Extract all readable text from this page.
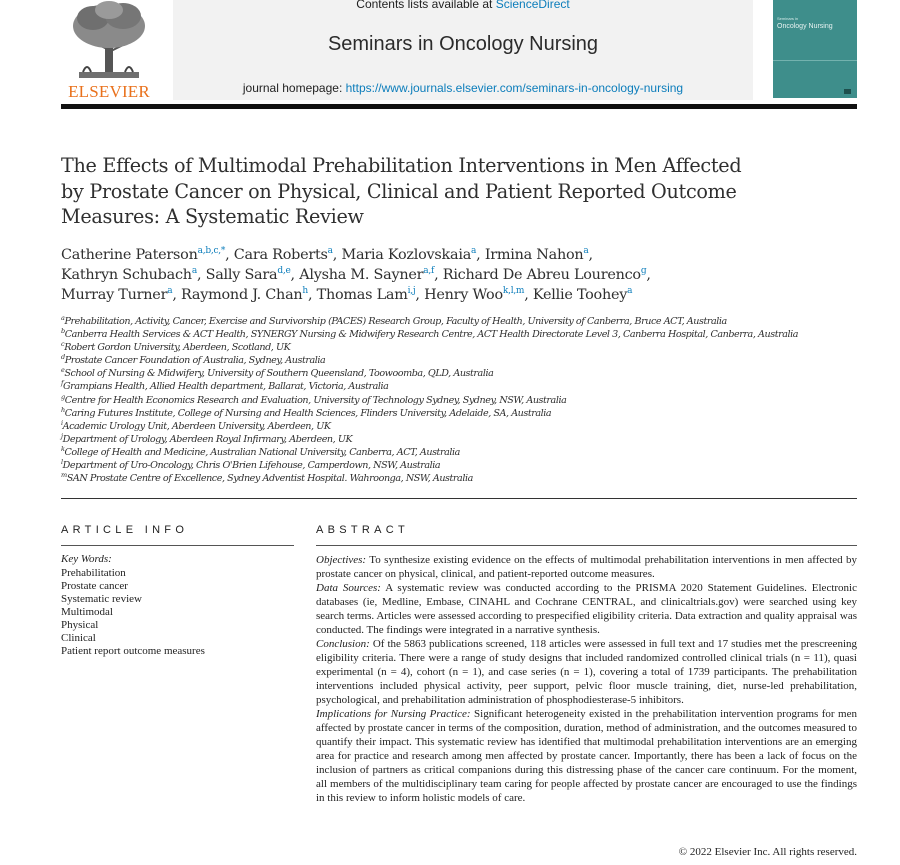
ELSEVIER
Contents lists available at ScienceDirect
Seminars in Oncology Nursing
journal homepage: https://www.journals.elsevier.com/seminars-in-oncology-nursing
Seminars in
Oncology Nursing
The Effects of Multimodal Prehabilitation Interventions in Men Affected by Prostate Cancer on Physical, Clinical and Patient Reported Outcome Measures: A Systematic Review
Catherine Paterson$^{a,b,c,*}$, Cara Roberts$^a$, Maria Kozlovskaia$^a$, Irmina Nahon$^a$,
Kathryn Schubach$^a$, Sally Sara$^{d,e}$, Alysha M. Sayner$^{a,f}$, Richard De Abreu Lourenco$^g$,
Murray Turner$^a$, Raymond J. Chan$^h$, Thomas Lam$^{i,j}$, Henry Woo$^{k,l,m}$, Kellie Toohey$^a$
$^a$Prehabilitation, Activity, Cancer, Exercise and Survivorship (PACES) Research Group, Faculty of Health, University of Canberra, Bruce ACT, Australia
$^b$Canberra Health Services & ACT Health, SYNERGY Nursing & Midwifery Research Centre, ACT Health Directorate Level 3, Canberra Hospital, Canberra, Australia
$^c$Robert Gordon University, Aberdeen, Scotland, UK
$^d$Prostate Cancer Foundation of Australia, Sydney, Australia
$^e$School of Nursing & Midwifery, University of Southern Queensland, Toowoomba, QLD, Australia
$^f$Grampians Health, Allied Health department, Ballarat, Victoria, Australia
$^g$Centre for Health Economics Research and Evaluation, University of Technology Sydney, Sydney, NSW, Australia
$^h$Caring Futures Institute, College of Nursing and Health Sciences, Flinders University, Adelaide, SA, Australia
$^i$Academic Urology Unit, Aberdeen University, Aberdeen, UK
$^j$Department of Urology, Aberdeen Royal Infirmary, Aberdeen, UK
$^k$College of Health and Medicine, Australian National University, Canberra, ACT, Australia
$^l$Department of Uro-Oncology, Chris O'Brien Lifehouse, Camperdown, NSW, Australia
$^m$SAN Prostate Centre of Excellence, Sydney Adventist Hospital. Wahroonga, NSW, Australia
ARTICLE INFO
Key Words:
Prehabilitation
Prostate cancer
Systematic review
Multimodal
Physical
Clinical
Patient report outcome measures
ABSTRACT

Objectives: To synthesize existing evidence on the effects of multimodal prehabilitation interventions in men affected by prostate cancer on physical, clinical, and patient-reported outcome measures.

Data Sources: A systematic review was conducted according to the PRISMA 2020 Statement Guidelines. Electronic databases (ie, Medline, Embase, CINAHL and Cochrane CENTRAL, and clinicaltrials.gov) were searched using key search terms. Articles were assessed according to prespecified eligibility criteria. Data extraction and quality appraisal was conducted. The findings were integrated in a narrative synthesis.

Conclusion: Of the 5863 publications screened, 118 articles were assessed in full text and 17 studies met the prescreening eligibility criteria. There were a range of study designs that included randomized controlled clinical trials (n = 11), quasi experimental (n = 4), cohort (n = 1), and case series (n = 1), covering a total of 1739 participants. The prehabilitation interventions included physical activity, peer support, pelvic floor muscle training, diet, nurse-led prehabilitation, psychological, and prehabilitation administration of phosphodiesterase-5 inhibitors.

Implications for Nursing Practice: Significant heterogeneity existed in the prehabilitation intervention programs for men affected by prostate cancer in terms of the composition, duration, method of administration, and the outcomes measured to quantify their impact. This systematic review has identified that multimodal prehabilitation interventions are an emerging area for practice and research among men affected by prostate cancer. Importantly, there has been a lack of focus on the inclusion of partners as critical companions during this distressing phase of the cancer care continuum. For the moment, all members of the multidisciplinary team caring for people affected by prostate cancer are encouraged to use the findings in this review to inform holistic models of care.

© 2022 Elsevier Inc. All rights reserved.
